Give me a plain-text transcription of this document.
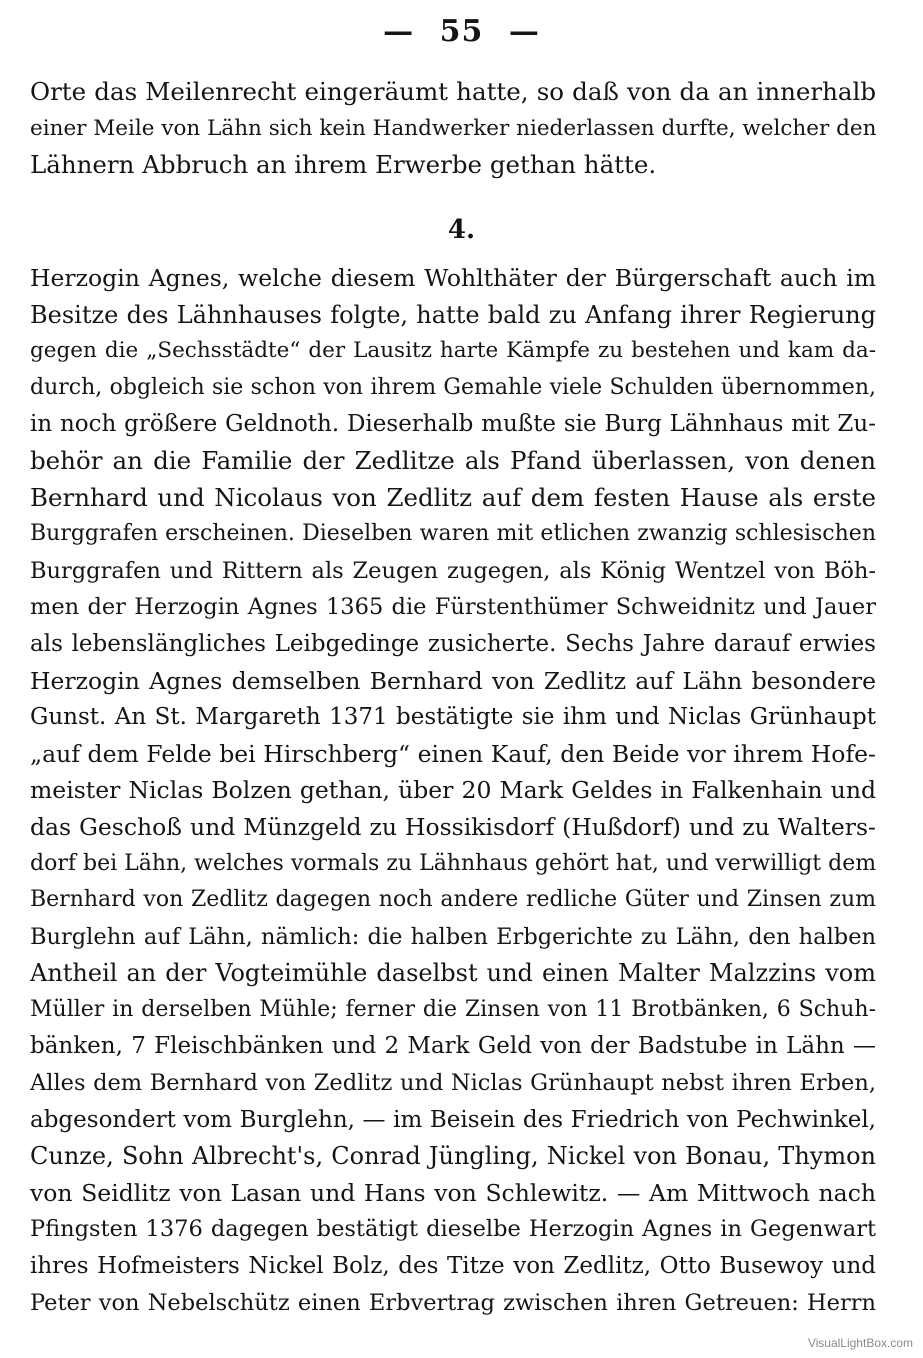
— 55 —
Orte das Meilenrecht eingeräumt hatte, so daß von da an innerhalb
einer Meile von Lähn sich kein Handwerker niederlassen durfte, welcher den
Lähnern Abbruch an ihrem Erwerbe gethan hätte.
4.
Herzogin Agnes, welche diesem Wohlthäter der Bürgerschaft auch im
Besitze des Lähnhauses folgte, hatte bald zu Anfang ihrer Regierung
gegen die „Sechsstädte“ der Lausitz harte Kämpfe zu bestehen und kam da-
durch, obgleich sie schon von ihrem Gemahle viele Schulden übernommen,
in noch größere Geldnoth. Dieserhalb mußte sie Burg Lähnhaus mit Zu-
behör an die Familie der Zedlitze als Pfand überlassen, von denen
Bernhard und Nicolaus von Zedlitz auf dem festen Hause als erste
Burggrafen erscheinen. Dieselben waren mit etlichen zwanzig schlesischen
Burggrafen und Rittern als Zeugen zugegen, als König Wentzel von Böh-
men der Herzogin Agnes 1365 die Fürstenthümer Schweidnitz und Jauer
als lebenslängliches Leibgedinge zusicherte. Sechs Jahre darauf erwies
Herzogin Agnes demselben Bernhard von Zedlitz auf Lähn besondere
Gunst. An St. Margareth 1371 bestätigte sie ihm und Niclas Grünhaupt
„auf dem Felde bei Hirschberg“ einen Kauf, den Beide vor ihrem Hofe-
meister Niclas Bolzen gethan, über 20 Mark Geldes in Falkenhain und
das Geschoß und Münzgeld zu Hossikisdorf (Hußdorf) und zu Walters-
dorf bei Lähn, welches vormals zu Lähnhaus gehört hat, und verwilligt dem
Bernhard von Zedlitz dagegen noch andere redliche Güter und Zinsen zum
Burglehn auf Lähn, nämlich: die halben Erbgerichte zu Lähn, den halben
Antheil an der Vogteimühle daselbst und einen Malter Malzzins vom
Müller in derselben Mühle; ferner die Zinsen von 11 Brotbänken, 6 Schuh-
bänken, 7 Fleischbänken und 2 Mark Geld von der Badstube in Lähn —
Alles dem Bernhard von Zedlitz und Niclas Grünhaupt nebst ihren Erben,
abgesondert vom Burglehn, — im Beisein des Friedrich von Pechwinkel,
Cunze, Sohn Albrecht's, Conrad Jüngling, Nickel von Bonau, Thymon
von Seidlitz von Lasan und Hans von Schlewitz. — Am Mittwoch nach
Pfingsten 1376 dagegen bestätigt dieselbe Herzogin Agnes in Gegenwart
ihres Hofmeisters Nickel Bolz, des Titze von Zedlitz, Otto Busewoy und
Peter von Nebelschütz einen Erbvertrag zwischen ihren Getreuen: Herrn
VisualLightBox.com
